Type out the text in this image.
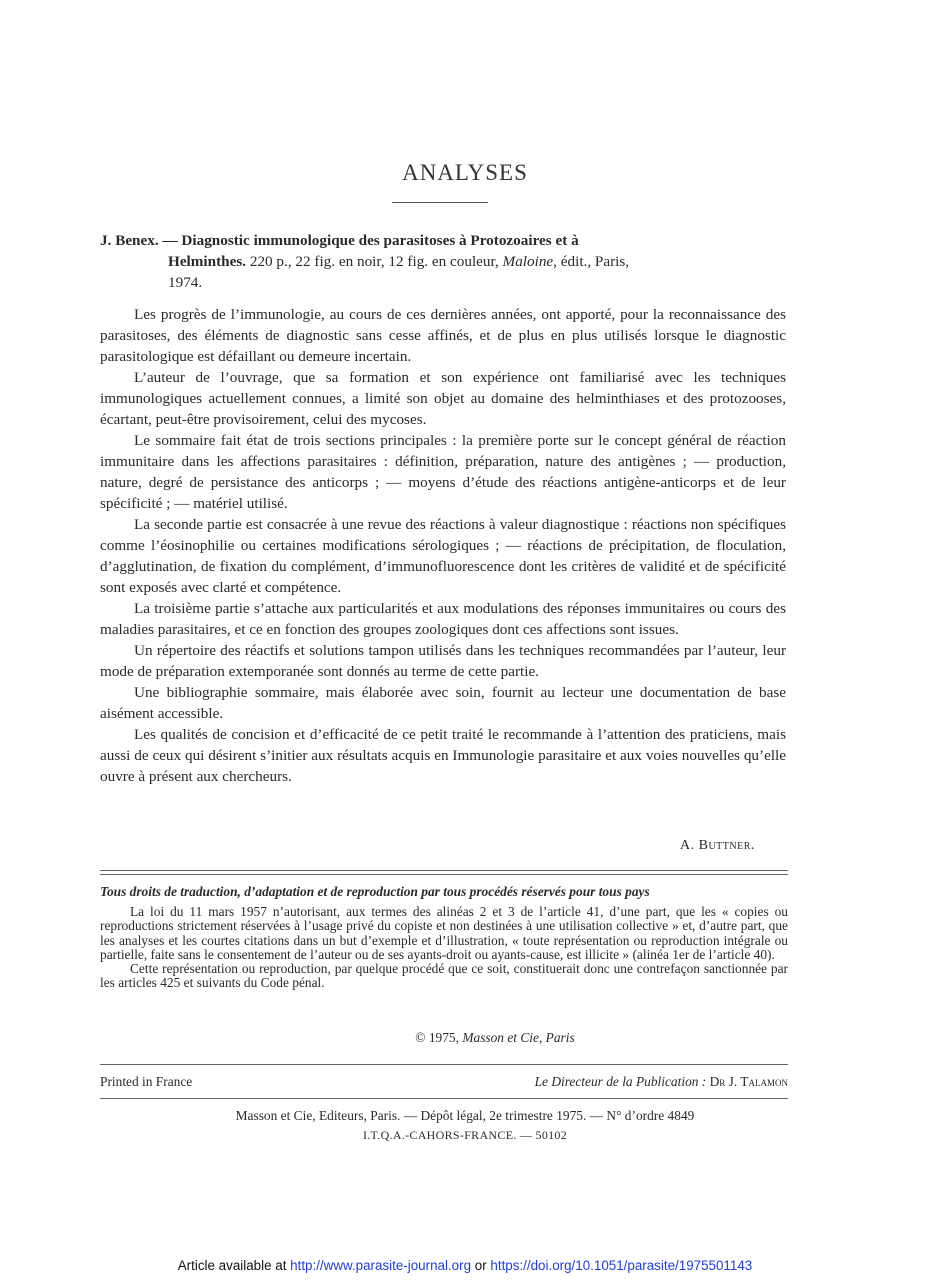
ANALYSES
J. Benex. — Diagnostic immunologique des parasitoses à Protozoaires et à
Helminthes. 220 p., 22 fig. en noir, 12 fig. en couleur, Maloine, édit., Paris,
1974.

Les progrès de l’immunologie, au cours de ces dernières années, ont apporté, pour la reconnaissance des parasitoses, des éléments de diagnostic sans cesse affinés, et de plus en plus utilisés lorsque le diagnostic parasitologique est défaillant ou demeure incertain.

L’auteur de l’ouvrage, que sa formation et son expérience ont familiarisé avec les techniques immunologiques actuellement connues, a limité son objet au domaine des helminthiases et des protozooses, écartant, peut-être provisoirement, celui des mycoses.

Le sommaire fait état de trois sections principales : la première porte sur le concept général de réaction immunitaire dans les affections parasitaires : définition, préparation, nature des antigènes ; — production, nature, degré de persistance des anticorps ; — moyens d’étude des réactions antigène-anticorps et de leur spécificité ; — matériel utilisé.

La seconde partie est consacrée à une revue des réactions à valeur diagnostique : réactions non spécifiques comme l’éosinophilie ou certaines modifications sérologiques ; — réactions de précipitation, de floculation, d’agglutination, de fixation du complément, d’immunofluorescence dont les critères de validité et de spécificité sont exposés avec clarté et compétence.

La troisième partie s’attache aux particularités et aux modulations des réponses immunitaires ou cours des maladies parasitaires, et ce en fonction des groupes zoologiques dont ces affections sont issues.

Un répertoire des réactifs et solutions tampon utilisés dans les techniques recommandées par l’auteur, leur mode de préparation extemporanée sont donnés au terme de cette partie.

Une bibliographie sommaire, mais élaborée avec soin, fournit au lecteur une documentation de base aisément accessible.

Les qualités de concision et d’efficacité de ce petit traité le recommande à l’attention des praticiens, mais aussi de ceux qui désirent s’initier aux résultats acquis en Immunologie parasitaire et aux voies nouvelles qu’elle ouvre à présent aux chercheurs.

A. Buttner.
Tous droits de traduction, d’adaptation et de reproduction par tous procédés réservés pour tous pays

La loi du 11 mars 1957 n’autorisant, aux termes des alinéas 2 et 3 de l’article 41, d’une part, que les « copies ou reproductions strictement réservées à l’usage privé du copiste et non destinées à une utilisation collective » et, d’autre part, que les analyses et les courtes citations dans un but d’exemple et d’illustration, « toute représentation ou reproduction intégrale ou partielle, faite sans le consentement de l’auteur ou de ses ayants-droit ou ayants-cause, est illicite » (alinéa 1er de l’article 40).

Cette représentation ou reproduction, par quelque procédé que ce soit, constituerait donc une contrefaçon sanctionnée par les articles 425 et suivants du Code pénal.

© 1975, Masson et Cie, Paris
Printed in France	Le Directeur de la Publication : Dr J. Talamon
Masson et Cie, Editeurs, Paris. — Dépôt légal, 2e trimestre 1975. — N° d’ordre 4849
I.T.Q.A.-CAHORS-FRANCE. — 50102
Article available at http://www.parasite-journal.org or https://doi.org/10.1051/parasite/1975501143
